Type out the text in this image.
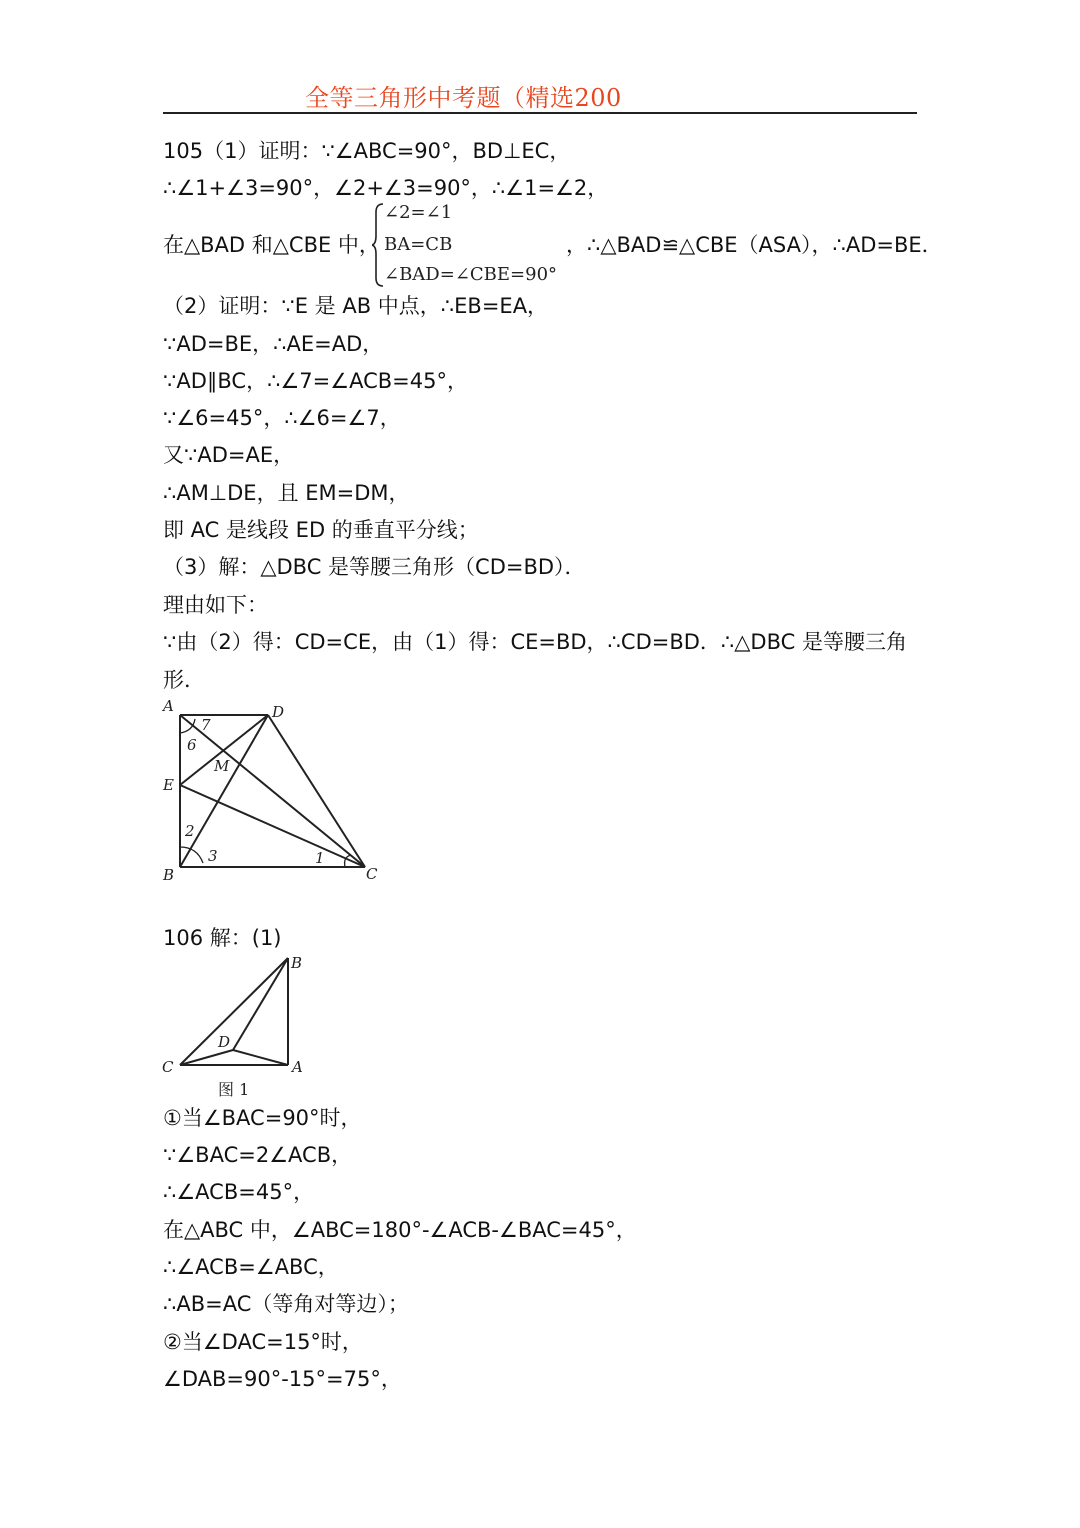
全等三角形中考题（精选200
105（1）证明：∵∠ABC=90°，BD⊥EC，
∴∠1+∠3=90°，∠2+∠3=90°，∴∠1=∠2，
在△BAD 和△CBE 中，
∠2=∠1
BA=CB
∠BAD=∠CBE=90°
，∴△BAD≌△CBE（ASA），∴AD=BE．
（2）证明：∵E 是 AB 中点，∴EB=EA，
∵AD=BE，∴AE=AD，
∵AD∥BC，∴∠7=∠ACB=45°，
∵∠6=45°，∴∠6=∠7，
又∵AD=AE，
∴AM⊥DE，且 EM=DM，
即 AC 是线段 ED 的垂直平分线；
（3）解：△DBC 是等腰三角形（CD=BD）．
理由如下：
∵由（2）得：CD=CE，由（1）得：CE=BD，∴CD=BD．∴△DBC 是等腰三角
形．
A	D
E
M
B	C
7
6
2
3	1
106 解：(1)
B
C
D
A
图 1
①当∠BAC=90°时，
∵∠BAC=2∠ACB，
∴∠ACB=45°，
在△ABC 中，∠ABC=180°-∠ACB-∠BAC=45°，
∴∠ACB=∠ABC，
∴AB=AC（等角对等边）；
②当∠DAC=15°时，
∠DAB=90°-15°=75°，
